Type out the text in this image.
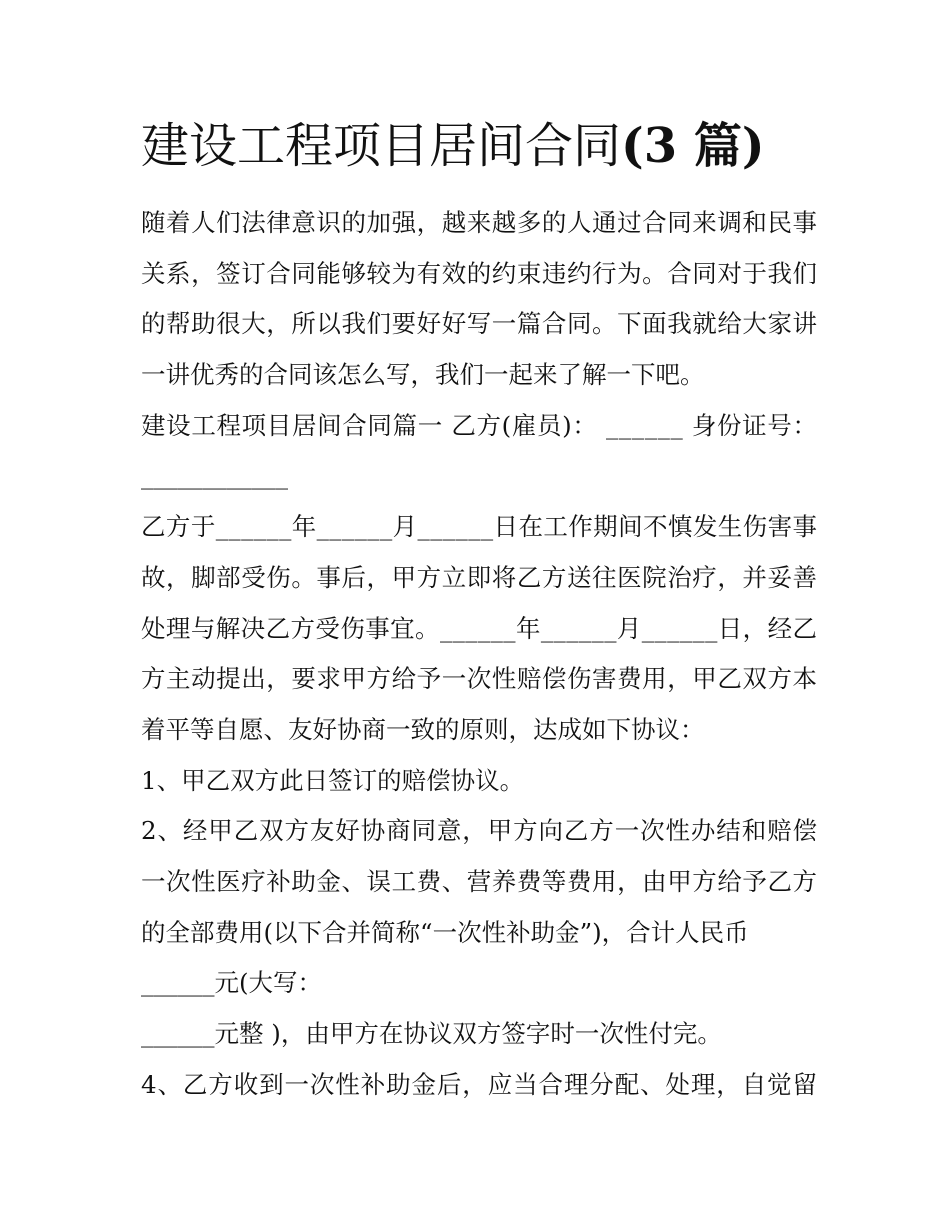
建设工程项目居间合同(3 篇)
随着人们法律意识的加强，越来越多的人通过合同来调和民事
关系，签订合同能够较为有效的约束违约行为。合同对于我们
的帮助很大，所以我们要好好写一篇合同。下面我就给大家讲
一讲优秀的合同该怎么写，我们一起来了解一下吧。
建设工程项目居间合同篇一 乙方(雇员)： ______ 身份证号：
____________
乙方于______年______月______日在工作期间不慎发生伤害事
故，脚部受伤。事后，甲方立即将乙方送往医院治疗，并妥善
处理与解决乙方受伤事宜。______年______月______日，经乙
方主动提出，要求甲方给予一次性赔偿伤害费用，甲乙双方本
着平等自愿、友好协商一致的原则，达成如下协议：
1、甲乙双方此日签订的赔偿协议。
2、经甲乙双方友好协商同意，甲方向乙方一次性办结和赔偿
一次性医疗补助金、误工费、营养费等费用，由甲方给予乙方
的全部费用(以下合并简称“一次性补助金”)，合计人民币
______元(大写：
______元整 )，由甲方在协议双方签字时一次性付完。
4、乙方收到一次性补助金后，应当合理分配、处理，自觉留
